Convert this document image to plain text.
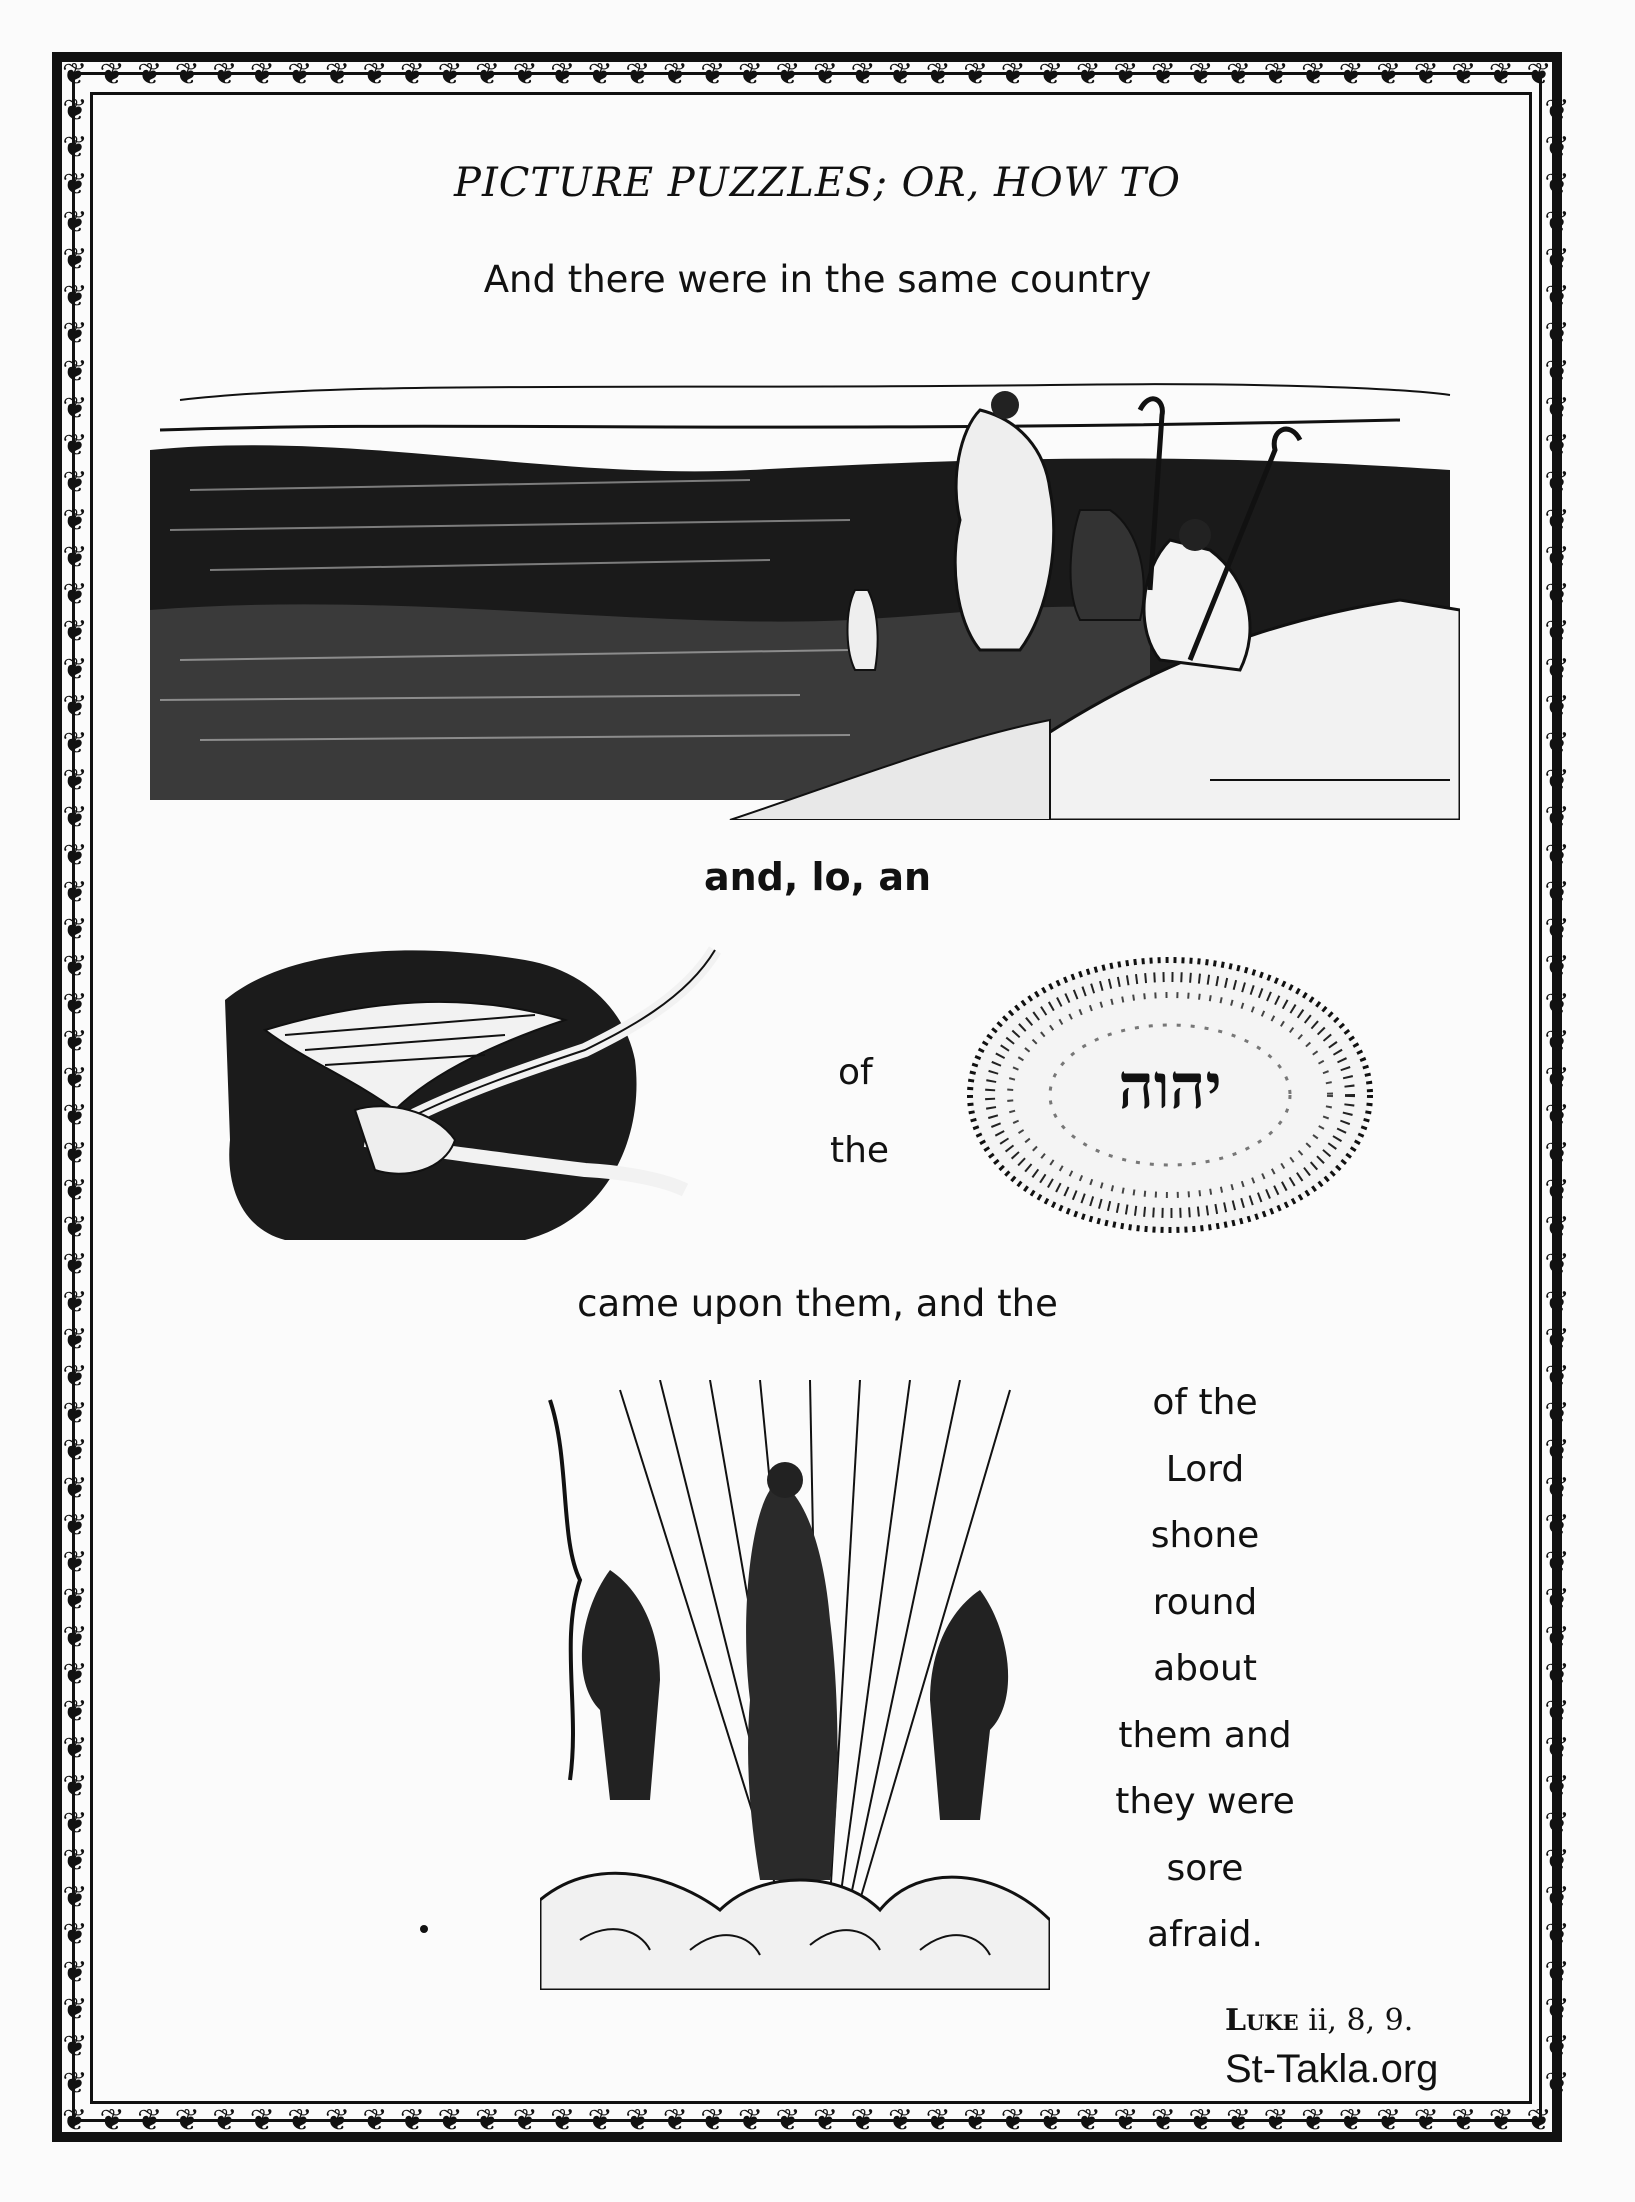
❦ ❦ ❦ ❦ ❦ ❦ ❦ ❦ ❦ ❦ ❦ ❦ ❦ ❦ ❦ ❦ ❦ ❦ ❦ ❦ ❦ ❦ ❦ ❦ ❦ ❦ ❦ ❦ ❦ ❦ ❦ ❦ ❦ ❦ ❦ ❦ ❦ ❦ ❦ ❦
❦ ❦ ❦ ❦ ❦ ❦ ❦ ❦ ❦ ❦ ❦ ❦ ❦ ❦ ❦ ❦ ❦ ❦ ❦ ❦ ❦ ❦ ❦ ❦ ❦ ❦ ❦ ❦ ❦ ❦ ❦ ❦ ❦ ❦ ❦ ❦ ❦ ❦ ❦ ❦
❦
❦
❦
❦
❦
❦
❦
❦
❦
❦
❦
❦
❦
❦
❦
❦
❦
❦
❦
❦
❦
❦
❦
❦
❦
❦
❦
❦
❦
❦
❦
❦
❦
❦
❦
❦
❦
❦
❦
❦
❦
❦
❦
❦
❦
❦
❦
❦
❦
❦
❦
❦
❦
❦
❦
❦
❦
❦
❦
❦
❦
❦
❦
❦
❦
❦
❦
❦
❦
❦
❦
❦
❦
❦
❦
❦
❦
❦
❦
❦
❦
❦
❦
❦
❦
❦
❦
❦
❦
❦
❦
❦
❦
❦
❦
❦
❦
❦
❦
❦
❦
❦
❦
❦
❦
❦
❦
❦
PICTURE PUZZLES; OR, HOW TO
And there were in the same country
and, lo, an
of
the
יהוה
came upon them, and the
of the
Lord
shone
round
about
them and
they were
sore
afraid.
Luke ii, 8, 9.
St-Takla.org
